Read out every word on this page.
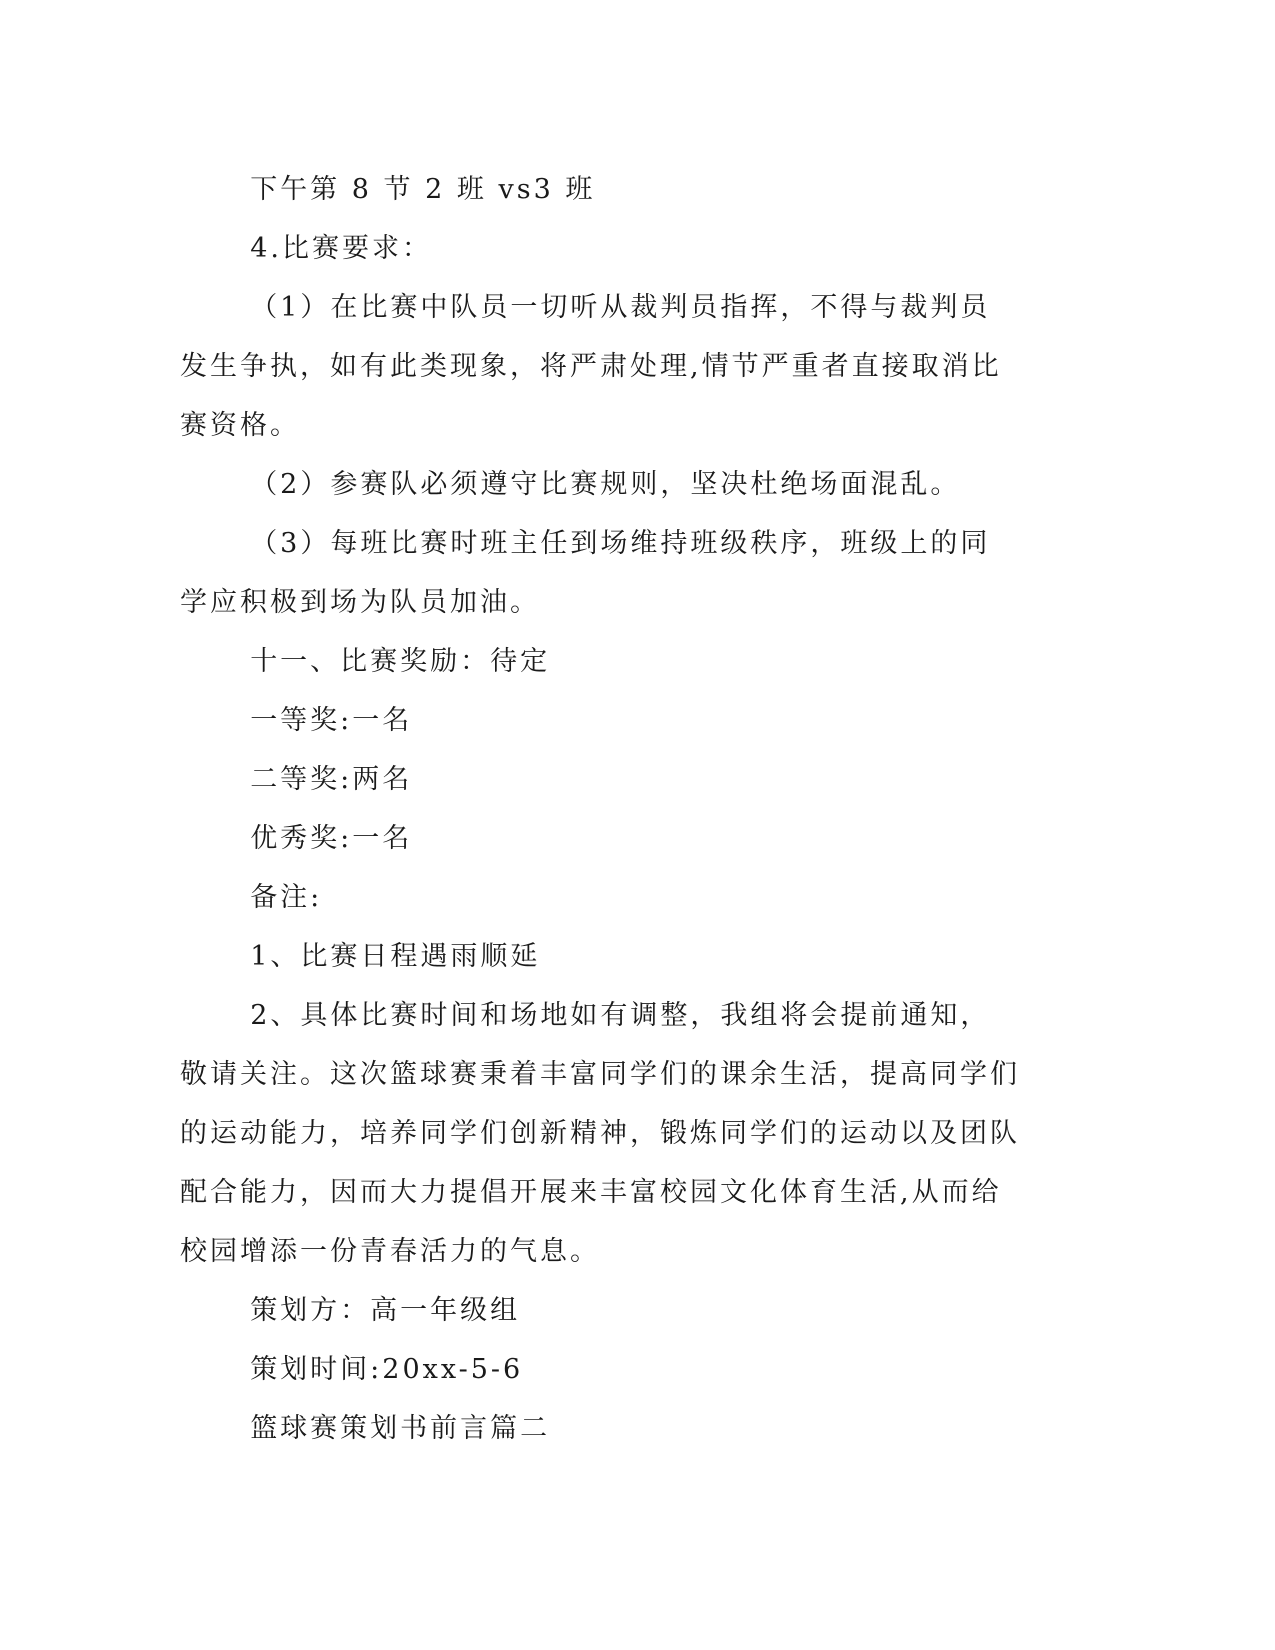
下午第 8 节 2 班 vs3 班

4.比赛要求：

（1）在比赛中队员一切听从裁判员指挥，不得与裁判员发生争执，如有此类现象，将严肃处理,情节严重者直接取消比赛资格。

（2）参赛队必须遵守比赛规则，坚决杜绝场面混乱。

（3）每班比赛时班主任到场维持班级秩序，班级上的同学应积极到场为队员加油。

十一、比赛奖励：待定

一等奖:一名

二等奖:两名

优秀奖:一名

备注:

1、比赛日程遇雨顺延

2、具体比赛时间和场地如有调整，我组将会提前通知，敬请关注。这次篮球赛秉着丰富同学们的课余生活，提高同学们的运动能力，培养同学们创新精神，锻炼同学们的运动以及团队配合能力，因而大力提倡开展来丰富校园文化体育生活,从而给校园增添一份青春活力的气息。

策划方：高一年级组

策划时间:20xx-5-6

篮球赛策划书前言篇二
